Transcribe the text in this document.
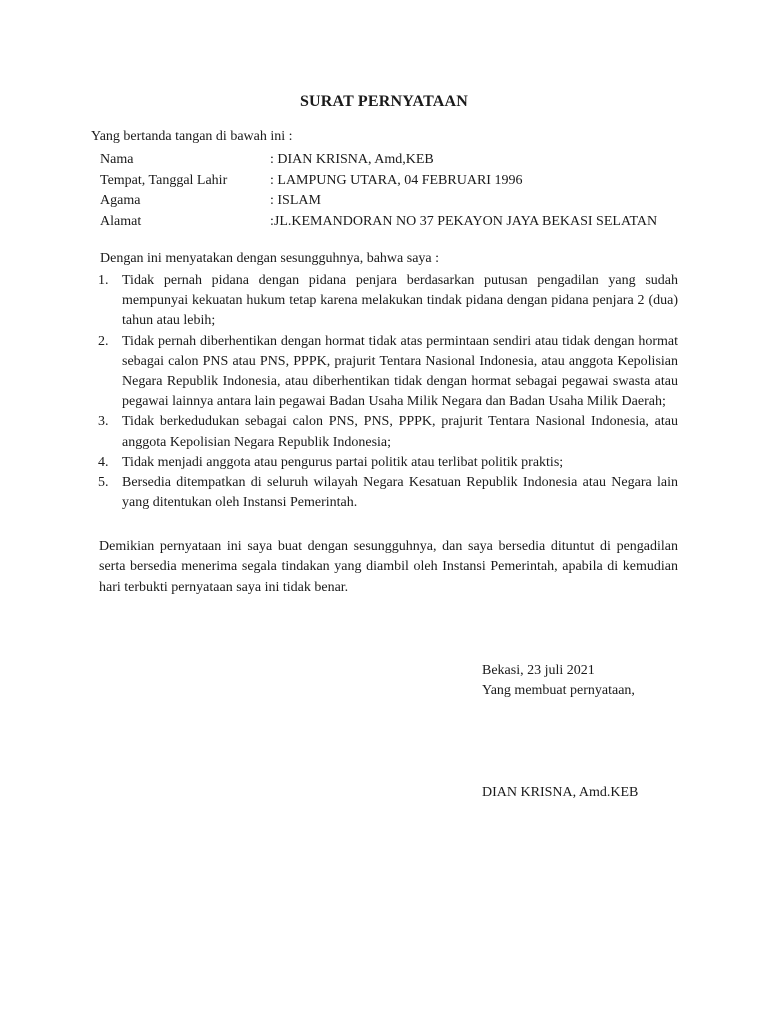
SURAT PERNYATAAN
Yang bertanda tangan di bawah ini :
Nama	: DIAN KRISNA, Amd,KEB
Tempat, Tanggal Lahir	: LAMPUNG UTARA, 04 FEBRUARI 1996
Agama	: ISLAM
Alamat	:JL.KEMANDORAN NO 37 PEKAYON JAYA BEKASI SELATAN
Dengan ini menyatakan dengan sesungguhnya, bahwa saya :
1. Tidak pernah pidana dengan pidana penjara berdasarkan putusan pengadilan yang sudah mempunyai kekuatan hukum tetap karena melakukan tindak pidana dengan pidana penjara 2 (dua) tahun atau lebih;
2. Tidak pernah diberhentikan dengan hormat tidak atas permintaan sendiri atau tidak dengan hormat sebagai calon PNS atau PNS, PPPK, prajurit Tentara Nasional Indonesia, atau anggota Kepolisian Negara Republik Indonesia, atau diberhentikan tidak dengan hormat sebagai pegawai swasta atau pegawai lainnya antara lain pegawai Badan Usaha Milik Negara dan Badan Usaha Milik Daerah;
3. Tidak berkedudukan sebagai calon PNS, PNS, PPPK, prajurit Tentara Nasional Indonesia, atau anggota Kepolisian Negara Republik Indonesia;
4. Tidak menjadi anggota atau pengurus partai politik atau terlibat politik praktis;
5. Bersedia ditempatkan di seluruh wilayah Negara Kesatuan Republik Indonesia atau Negara lain yang ditentukan oleh Instansi Pemerintah.
Demikian pernyataan ini saya buat dengan sesungguhnya, dan saya bersedia dituntut di pengadilan serta bersedia menerima segala tindakan yang diambil oleh Instansi Pemerintah, apabila di kemudian hari terbukti pernyataan saya ini tidak benar.
Bekasi, 23 juli 2021
Yang membuat pernyataan,
DIAN KRISNA, Amd.KEB
